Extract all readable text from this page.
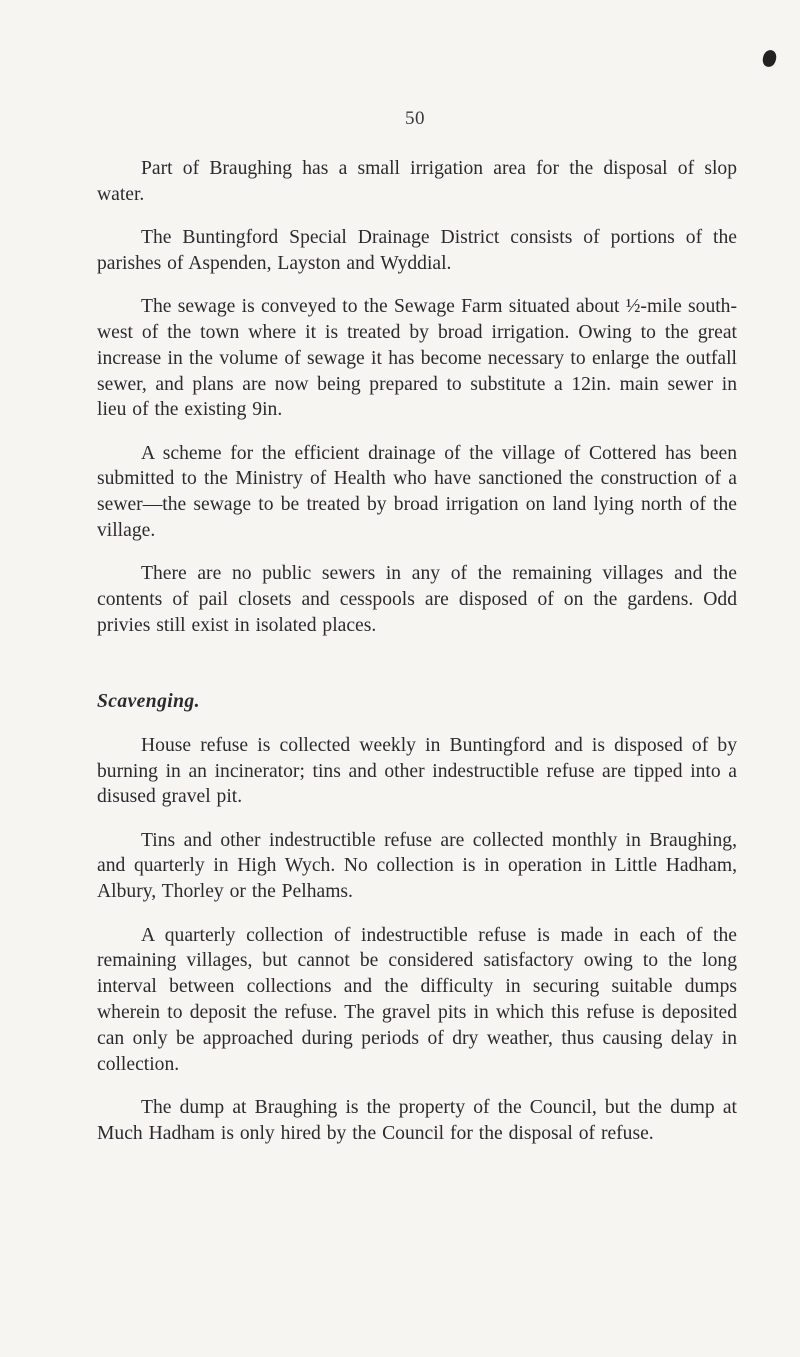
50

Part of Braughing has a small irrigation area for the disposal of slop water.

The Buntingford Special Drainage District consists of portions of the parishes of Aspenden, Layston and Wyddial.

The sewage is conveyed to the Sewage Farm situated about ½-mile south-west of the town where it is treated by broad irrigation. Owing to the great increase in the volume of sewage it has become necessary to enlarge the outfall sewer, and plans are now being prepared to substitute a 12in. main sewer in lieu of the existing 9in.

A scheme for the efficient drainage of the village of Cottered has been submitted to the Ministry of Health who have sanctioned the construction of a sewer—the sewage to be treated by broad irrigation on land lying north of the village.

There are no public sewers in any of the remaining villages and the contents of pail closets and cesspools are disposed of on the gardens. Odd privies still exist in isolated places.

Scavenging.

House refuse is collected weekly in Buntingford and is disposed of by burning in an incinerator; tins and other indestructible refuse are tipped into a disused gravel pit.

Tins and other indestructible refuse are collected monthly in Braughing, and quarterly in High Wych. No collection is in operation in Little Hadham, Albury, Thorley or the Pelhams.

A quarterly collection of indestructible refuse is made in each of the remaining villages, but cannot be considered satisfactory owing to the long interval between collections and the difficulty in securing suitable dumps wherein to deposit the refuse. The gravel pits in which this refuse is deposited can only be approached during periods of dry weather, thus causing delay in collection.

The dump at Braughing is the property of the Council, but the dump at Much Hadham is only hired by the Council for the disposal of refuse.
